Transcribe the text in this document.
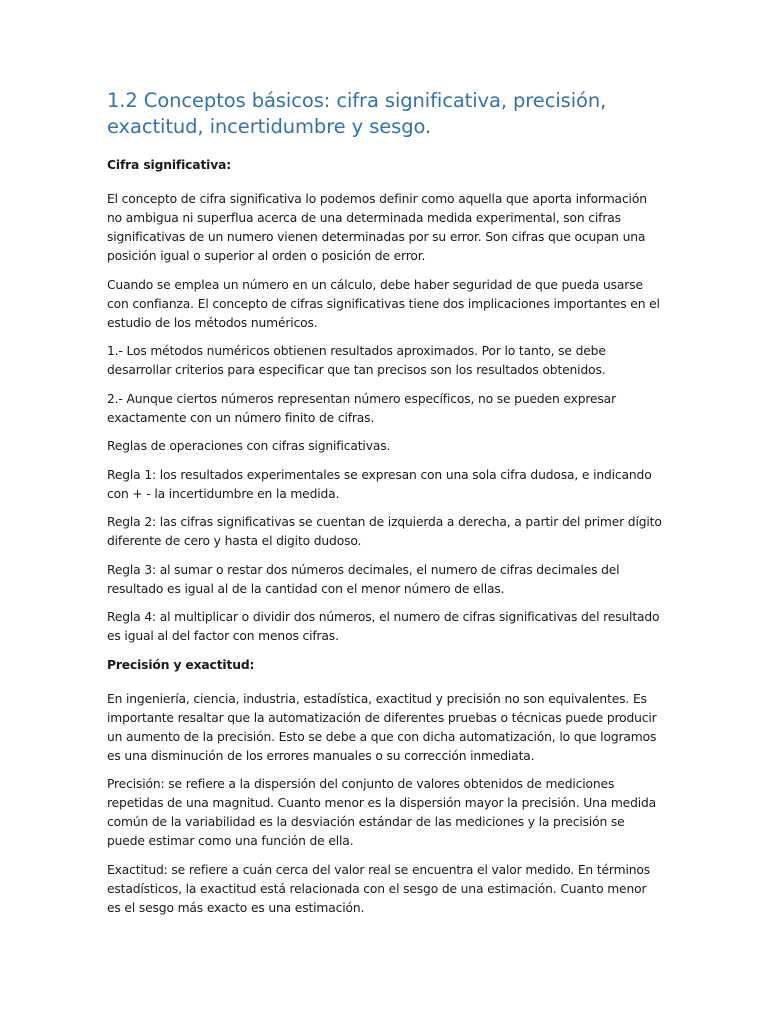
1.2 Conceptos básicos: cifra significativa, precisión, exactitud, incertidumbre y sesgo.
Cifra significativa:

El concepto de cifra significativa lo podemos definir como aquella que aporta información no ambigua ni superflua acerca de una determinada medida experimental, son cifras significativas de un numero vienen determinadas por su error. Son cifras que ocupan una posición igual o superior al orden o posición de error.

Cuando se emplea un número en un cálculo, debe haber seguridad de que pueda usarse con confianza. El concepto de cifras significativas tiene dos implicaciones importantes en el estudio de los métodos numéricos.

1.- Los métodos numéricos obtienen resultados aproximados. Por lo tanto, se debe desarrollar criterios para especificar que tan precisos son los resultados obtenidos.

2.- Aunque ciertos números representan número específicos, no se pueden expresar exactamente con un número finito de cifras.

Reglas de operaciones con cifras significativas.

Regla 1: los resultados experimentales se expresan con una sola cifra dudosa, e indicando con + - la incertidumbre en la medida.

Regla 2: las cifras significativas se cuentan de izquierda a derecha, a partir del primer dígito diferente de cero y hasta el digito dudoso.

Regla 3: al sumar o restar dos números decimales, el numero de cifras decimales del resultado es igual al de la cantidad con el menor número de ellas.

Regla 4: al multiplicar o dividir dos números, el numero de cifras significativas del resultado es igual al del factor con menos cifras.

Precisión y exactitud:

En ingeniería, ciencia, industria, estadística, exactitud y precisión no son equivalentes. Es importante resaltar que la automatización de diferentes pruebas o técnicas puede producir un aumento de la precisión. Esto se debe a que con dicha automatización, lo que logramos es una disminución de los errores manuales o su corrección inmediata.

Precisión: se refiere a la dispersión del conjunto de valores obtenidos de mediciones repetidas de una magnitud. Cuanto menor es la dispersión mayor la precisión. Una medida común de la variabilidad es la desviación estándar de las mediciones y la precisión se puede estimar como una función de ella.

Exactitud: se refiere a cuán cerca del valor real se encuentra el valor medido. En términos estadísticos, la exactitud está relacionada con el sesgo de una estimación. Cuanto menor es el sesgo más exacto es una estimación.
